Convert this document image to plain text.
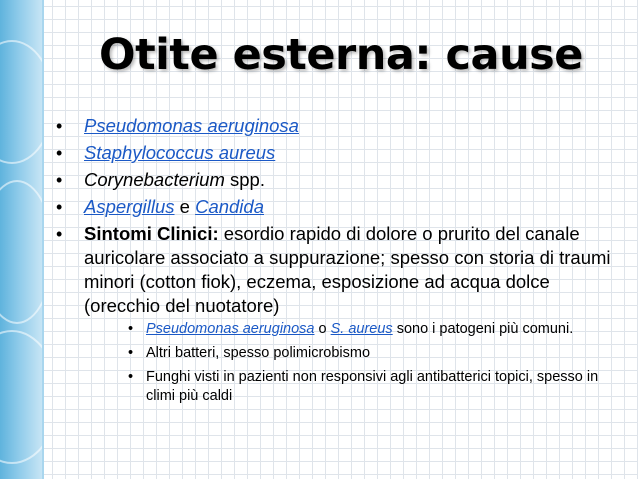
Otite esterna: cause
• Pseudomonas aeruginosa
• Staphylococcus aureus
• Corynebacterium spp.
• Aspergillus e Candida
• Sintomi Clinici: esordio rapido di dolore o prurito del canale auricolare associato a suppurazione; spesso con storia di traumi minori (cotton fiok), eczema, esposizione ad acqua dolce (orecchio del nuotatore)
• Pseudomonas aeruginosa o S. aureus sono i patogeni più comuni.
• Altri batteri, spesso polimicrobismo
• Funghi visti in pazienti non responsivi agli antibatterici topici, spesso in climi più caldi
